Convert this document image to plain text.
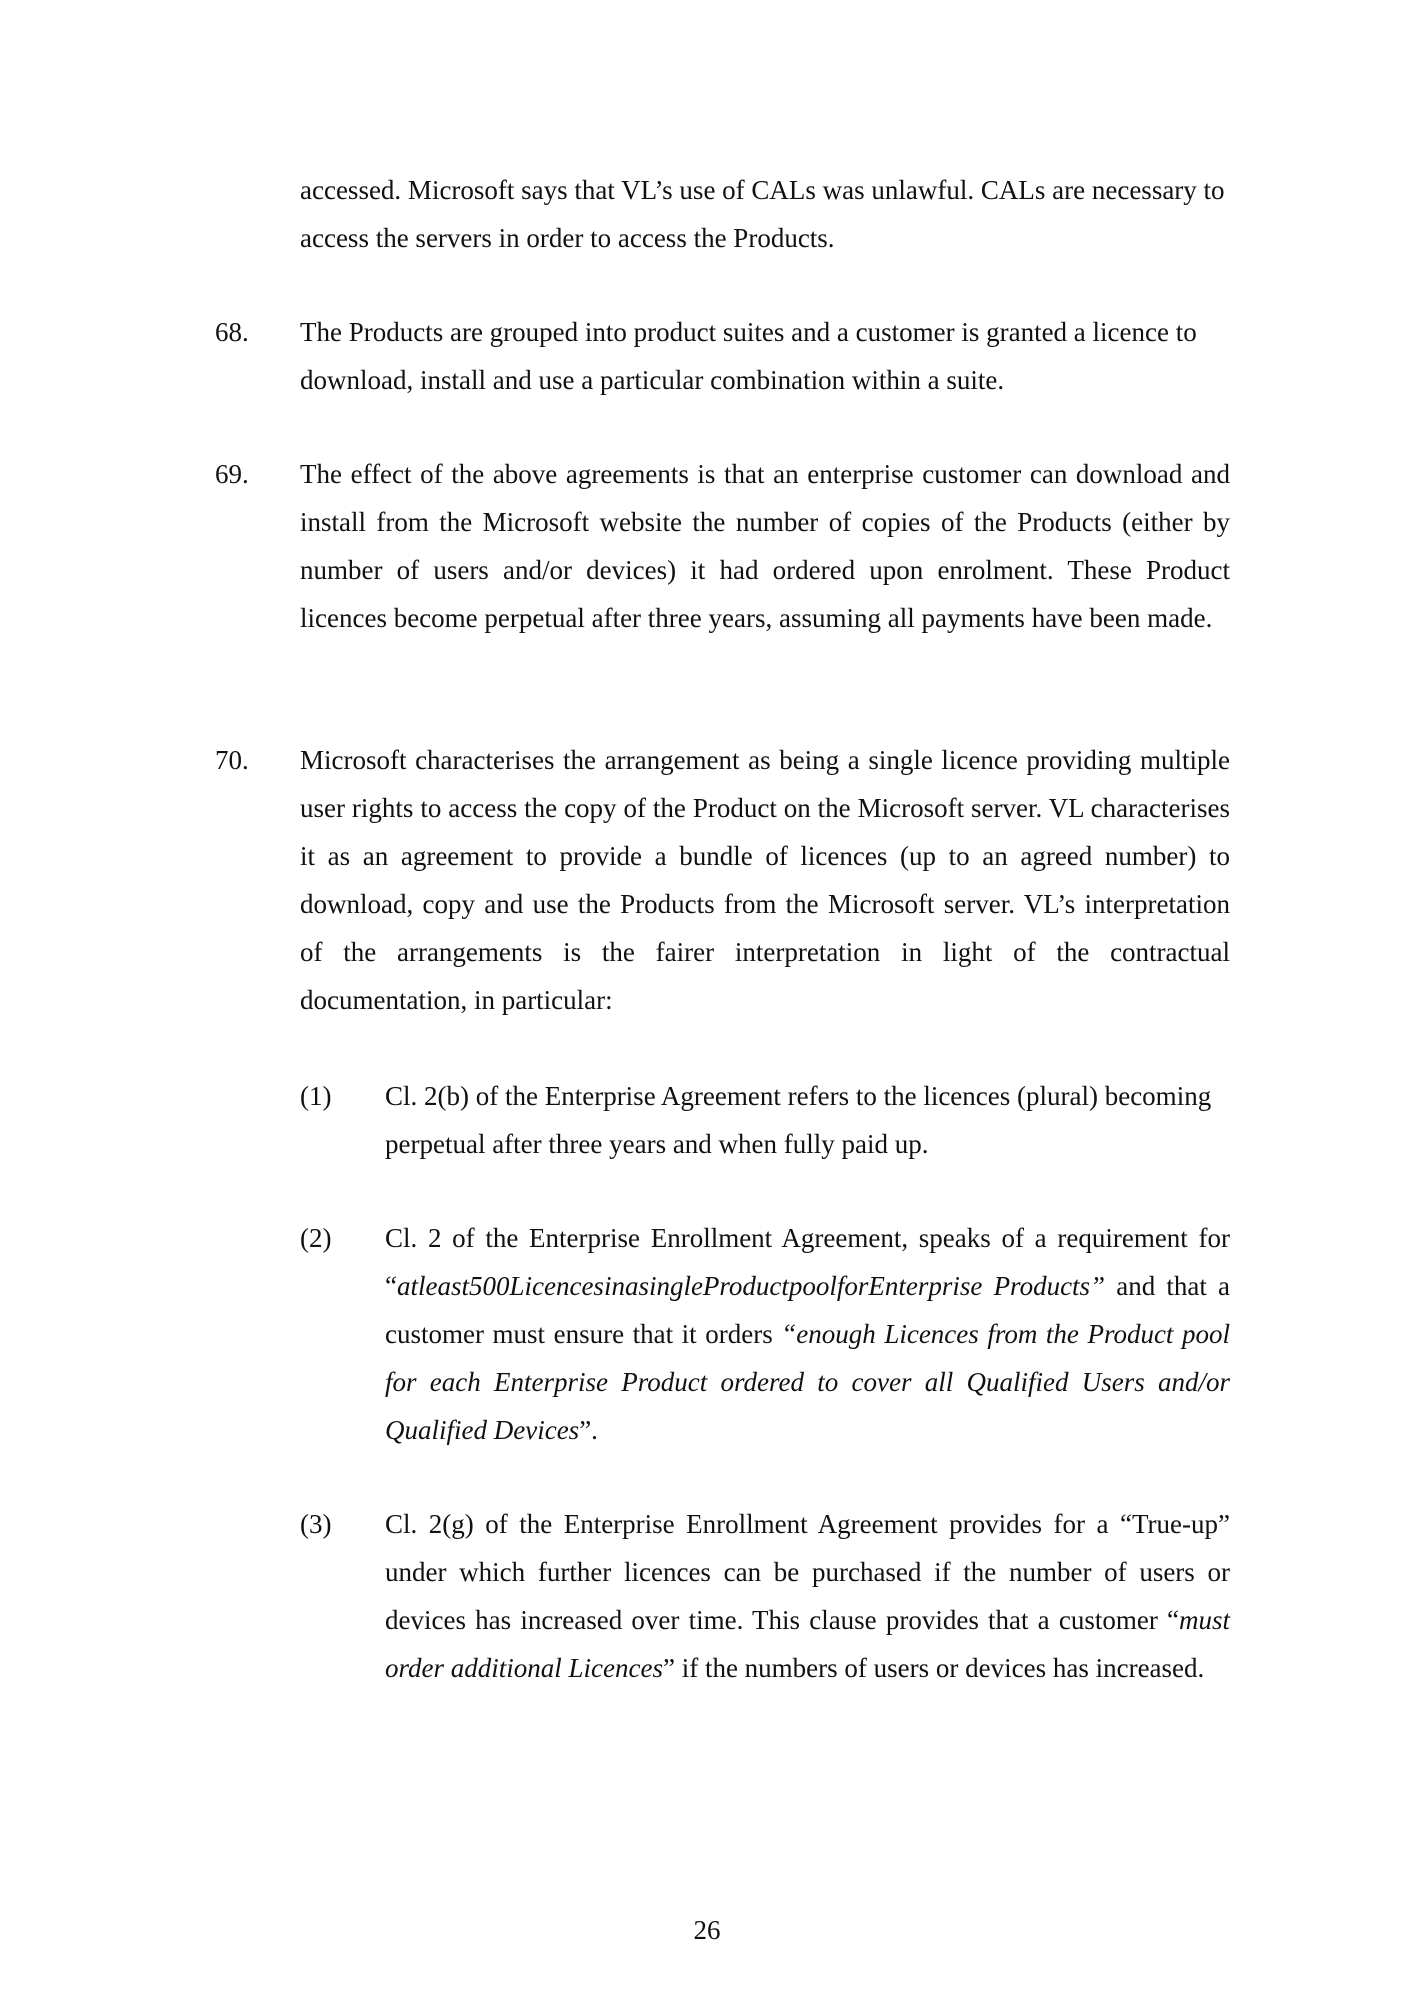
accessed. Microsoft says that VL’s use of CALs was unlawful. CALs are necessary to access the servers in order to access the Products.
68. The Products are grouped into product suites and a customer is granted a licence to download, install and use a particular combination within a suite.
69. The effect of the above agreements is that an enterprise customer can download and install from the Microsoft website the number of copies of the Products (either by number of users and/or devices) it had ordered upon enrolment. These Product licences become perpetual after three years, assuming all payments have been made.
70. Microsoft characterises the arrangement as being a single licence providing multiple user rights to access the copy of the Product on the Microsoft server. VL characterises it as an agreement to provide a bundle of licences (up to an agreed number) to download, copy and use the Products from the Microsoft server. VL’s interpretation of the arrangements is the fairer interpretation in light of the contractual documentation, in particular:
(1) Cl. 2(b) of the Enterprise Agreement refers to the licences (plural) becoming perpetual after three years and when fully paid up.
(2) Cl. 2 of the Enterprise Enrollment Agreement, speaks of a requirement for “atleast500LicencesinasingleProductpoolforEnterprise Products” and that a customer must ensure that it orders “enough Licences from the Product pool for each Enterprise Product ordered to cover all Qualified Users and/or Qualified Devices”.
(3) Cl. 2(g) of the Enterprise Enrollment Agreement provides for a “True-up” under which further licences can be purchased if the number of users or devices has increased over time. This clause provides that a customer “must order additional Licences” if the numbers of users or devices has increased.
26
